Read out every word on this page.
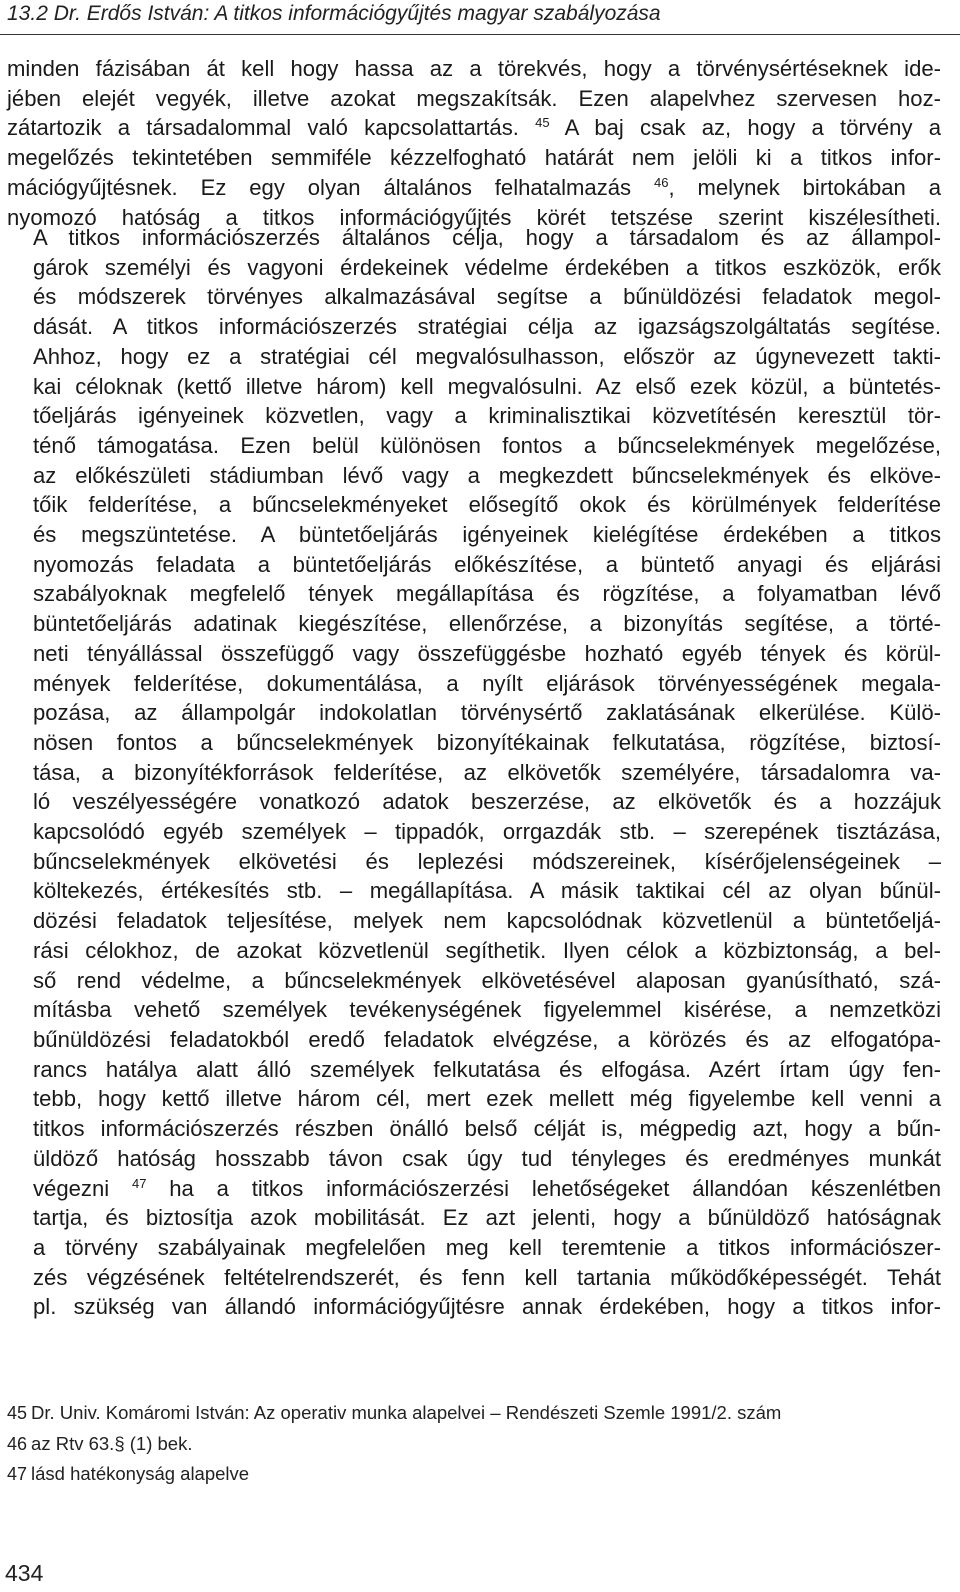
13.2 Dr. Erdős István: A titkos információgyűjtés magyar szabályozása
minden fázisában át kell hogy hassa az a törekvés, hogy a törvénysértéseknek ide-
jében elejét vegyék, illetve azokat megszakítsák. Ezen alapelvhez szervesen hoz-
zátartozik a társadalommal való kapcsolattartás. $^{45}$ A baj csak az, hogy a törvény a
megelőzés tekintetében semmiféle kézzelfogható határát nem jelöli ki a titkos infor-
mációgyűjtésnek. Ez egy olyan általános felhatalmazás $^{46}$, melynek birtokában a
nyomozó hatóság a titkos információgyűjtés körét tetszése szerint kiszélesítheti.
A titkos információszerzés általános célja, hogy a társadalom és az állampol-
gárok személyi és vagyoni érdekeinek védelme érdekében a titkos eszközök, erők
és módszerek törvényes alkalmazásával segítse a bűnüldözési feladatok megol-
dását. A titkos információszerzés stratégiai célja az igazságszolgáltatás segítése.
Ahhoz, hogy ez a stratégiai cél megvalósulhasson, először az úgynevezett takti-
kai céloknak (kettő illetve három) kell megvalósulni. Az első ezek közül, a büntetés-
tőeljárás igényeinek közvetlen, vagy a kriminalisztikai közvetítésén keresztül tör-
ténő támogatása. Ezen belül különösen fontos a bűncselekmények megelőzése,
az előkészületi stádiumban lévő vagy a megkezdett bűncselekmények és elköve-
tőik felderítése, a bűncselekményeket elősegítő okok és körülmények felderítése
és megszüntetése. A büntetőeljárás igényeinek kielégítése érdekében a titkos
nyomozás feladata a büntetőeljárás előkészítése, a büntető anyagi és eljárási
szabályoknak megfelelő tények megállapítása és rögzítése, a folyamatban lévő
büntetőeljárás adatinak kiegészítése, ellenőrzése, a bizonyítás segítése, a törté-
neti tényállással összefüggő vagy összefüggésbe hozható egyéb tények és körül-
mények felderítése, dokumentálása, a nyílt eljárások törvényességének megala-
pozása, az állampolgár indokolatlan törvénysértő zaklatásának elkerülése. Külö-
nösen fontos a bűncselekmények bizonyítékainak felkutatása, rögzítése, biztosí-
tása, a bizonyítékforrások felderítése, az elkövetők személyére, társadalomra va-
ló veszélyességére vonatkozó adatok beszerzése, az elkövetők és a hozzájuk
kapcsolódó egyéb személyek – tippadók, orrgazdák stb. – szerepének tisztázása,
bűncselekmények elkövetési és leplezési módszereinek, kísérőjelenségeinek –
költekezés, értékesítés stb. – megállapítása. A másik taktikai cél az olyan bűnül-
dözési feladatok teljesítése, melyek nem kapcsolódnak közvetlenül a büntetőeljá-
rási célokhoz, de azokat közvetlenül segíthetik. Ilyen célok a közbiztonság, a bel-
ső rend védelme, a bűncselekmények elkövetésével alaposan gyanúsítható, szá-
mításba vehető személyek tevékenységének figyelemmel kisérése, a nemzetközi
bűnüldözési feladatokból eredő feladatok elvégzése, a körözés és az elfogatópa-
rancs hatálya alatt álló személyek felkutatása és elfogása. Azért írtam úgy fen-
tebb, hogy kettő illetve három cél, mert ezek mellett még figyelembe kell venni a
titkos információszerzés részben önálló belső célját is, mégpedig azt, hogy a bűn-
üldöző hatóság hosszabb távon csak úgy tud tényleges és eredményes munkát
végezni $^{47}$ ha a titkos információszerzési lehetőségeket állandóan készenlétben
tartja, és biztosítja azok mobilitását. Ez azt jelenti, hogy a bűnüldöző hatóságnak
a törvény szabályainak megfelelően meg kell teremtenie a titkos információszer-
zés végzésének feltételrendszerét, és fenn kell tartania működőképességét. Tehát
pl. szükség van állandó információgyűjtésre annak érdekében, hogy a titkos infor-
45 Dr. Univ. Komáromi István: Az operativ munka alapelvei – Rendészeti Szemle 1991/2. szám
46 az Rtv 63.§ (1) bek.
47 lásd hatékonyság alapelve
434
